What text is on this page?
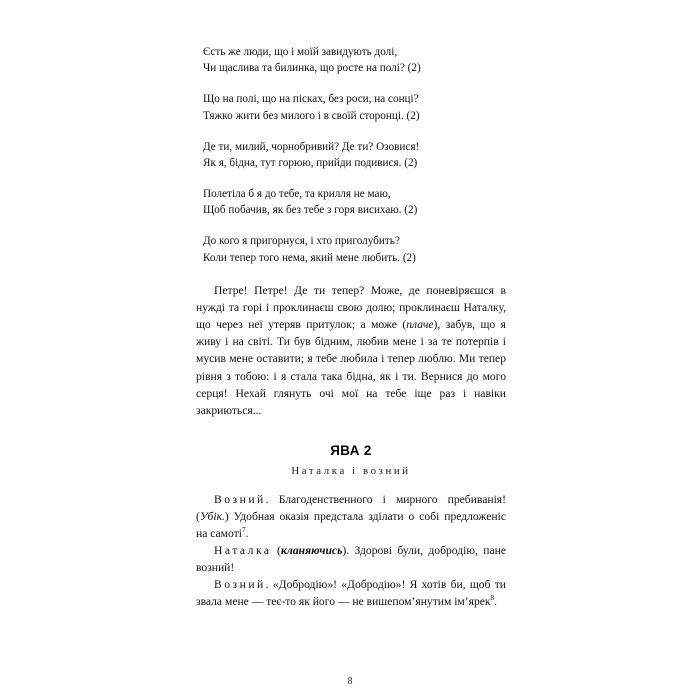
Єсть же люди, що і моїй завидують долі,
Чи щаслива та билинка, що росте на полі? (2)
Що на полі, що на пісках, без роси, на сонці?
Тяжко жити без милого і в своїй сторонці. (2)
Де ти, милий, чорнобривий? Де ти? Озовися!
Як я, бідна, тут горюю, прийди подивися. (2)
Полетіла б я до тебе, та крилля не маю,
Щоб побачив, як без тебе з горя висихаю. (2)
До кого я пригорнуся, і хто приголубить?
Коли тепер того нема, який мене любить. (2)

Петре! Петре! Де ти тепер? Може, де поневіряєшся в нужді та горі і проклинаєш свою долю; проклинаєш Наталку, що через неї утеряв притулок; а може (плаче), забув, що я живу і на світі. Ти був бідним, любив мене і за те потерпів і мусив мене оставити; я тебе любила і тепер люблю. Ми тепер рівня з тобою: і я стала така бідна, як і ти. Вернися до мого серця! Нехай глянуть очі мої на тебе іще раз і навіки закриються...

ЯВА 2
Наталка і возний

Возний. Благоденственного і мирного пребиванія! (Убік.) Удобная оказія предстала зділати о собі предложеніс на самоті$^7$.

Наталка (кланяючись). Здорові були, добродію, пане возний!

Возний. «Добродію»! «Добродію»! Я хотів би, щоб ти звала мене — теє-то як його — не вишепом’янутим ім’ярек$^8$.

8
